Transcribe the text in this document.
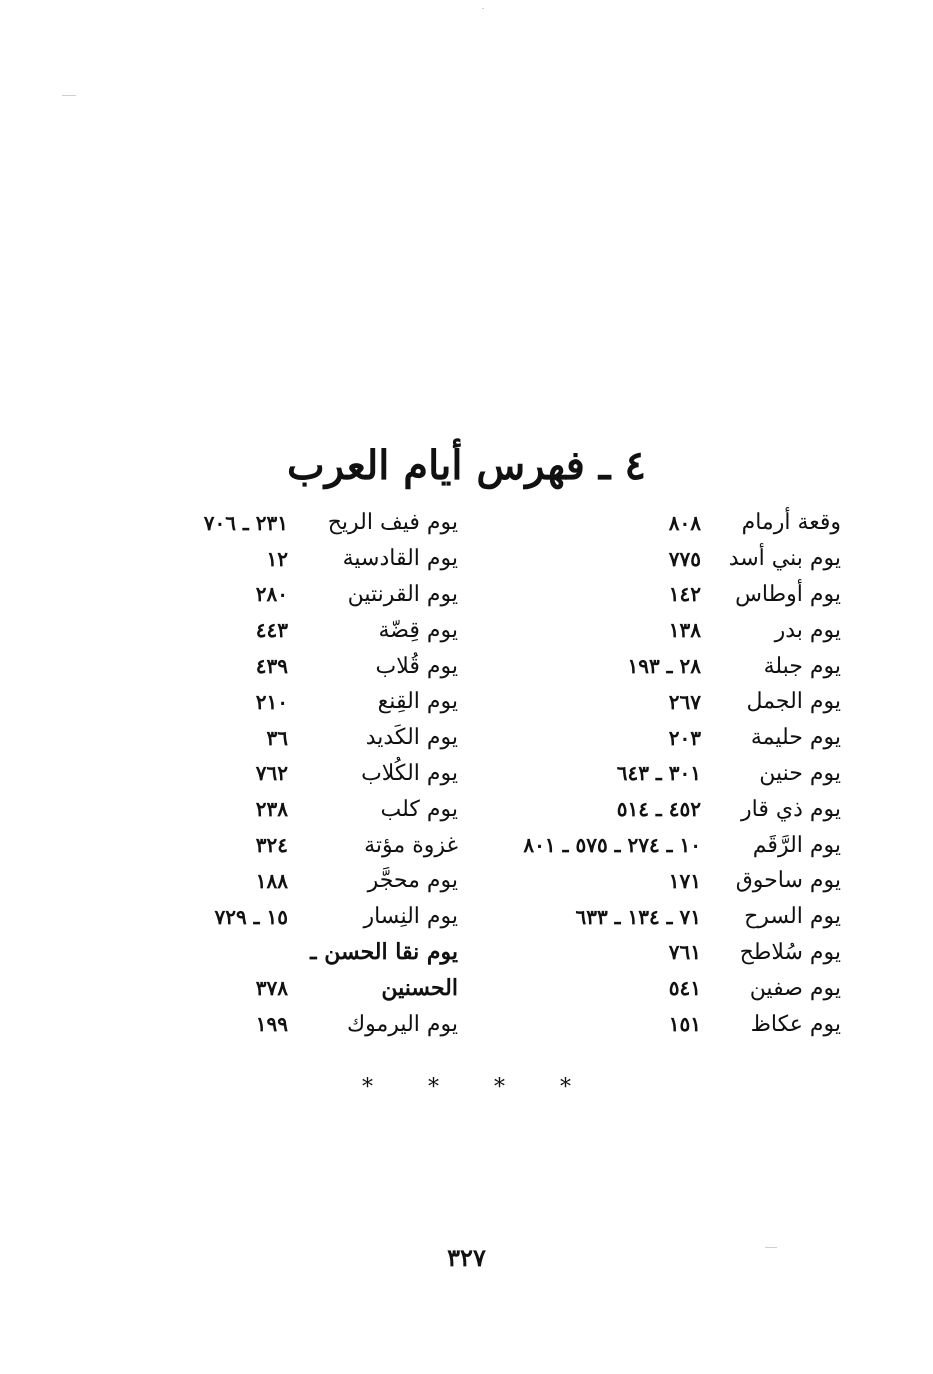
٤ ـ فهرس أيام العرب
وقعة أرمام
٨٠٨
يوم بني أسد
٧٧٥
يوم أوطاس
١٤٢
يوم بدر
١٣٨
يوم جبلة
٢٨ ـ ١٩٣
يوم الجمل
٢٦٧
يوم حليمة
٢٠٣
يوم حنين
٣٠١ ـ ٦٤٣
يوم ذي قار
٤٥٢ ـ ٥١٤
يوم الرَّقَم
١٠ ـ ٢٧٤ ـ ٥٧٥ ـ ٨٠١
يوم ساحوق
١٧١
يوم السرح
٧١ ـ ١٣٤ ـ ٦٣٣
يوم سُلاطح
٧٦١
يوم صفين
٥٤١
يوم عكاظ
١٥١
يوم فيف الريح
٢٣١ ـ ٧٠٦
يوم القادسية
١٢
يوم القرنتين
٢٨٠
يوم قِضّة
٤٤٣
يوم قُلاب
٤٣٩
يوم القِنع
٢١٠
يوم الكَديد
٣٦
يوم الكُلاب
٧٦٢
يوم كلب
٢٣٨
غزوة مؤتة
٣٢٤
يوم محجَّر
١٨٨
يوم النِسار
١٥ ـ ٧٢٩
يوم نقا الحسن ـ
الحسنين
٣٧٨
يوم اليرموك
١٩٩
****
٣٢٧
